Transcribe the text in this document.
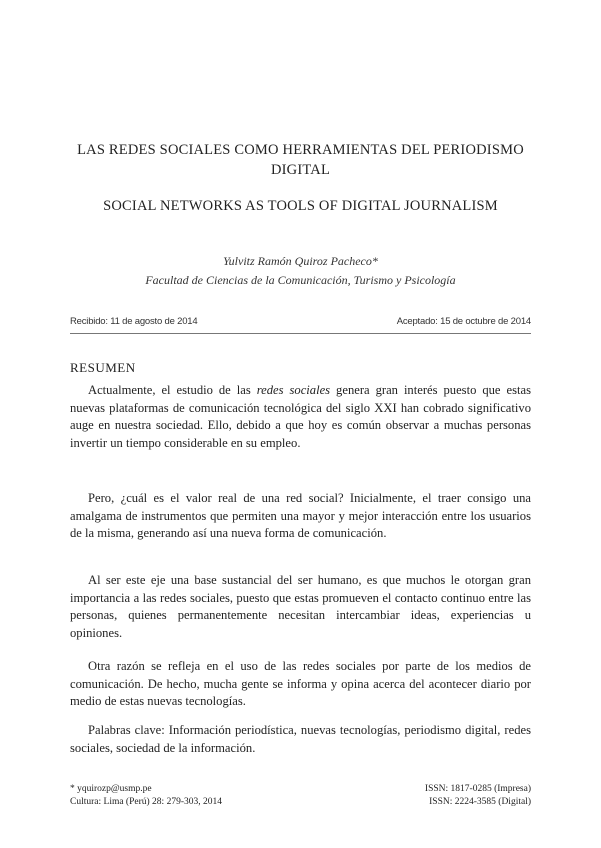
LAS REDES SOCIALES COMO HERRAMIENTAS DEL PERIODISMO DIGITAL
SOCIAL NETWORKS AS TOOLS OF DIGITAL JOURNALISM
Yulvitz Ramón Quiroz Pacheco*
Facultad de Ciencias de la Comunicación, Turismo y Psicología
Recibido: 11 de agosto de 2014	Aceptado: 15 de octubre de 2014
RESUMEN

Actualmente, el estudio de las redes sociales genera gran interés puesto que estas nuevas plataformas de comunicación tecnológica del siglo XXI han cobrado significativo auge en nuestra sociedad. Ello, debido a que hoy es común observar a muchas personas invertir un tiempo considerable en su empleo.

Pero, ¿cuál es el valor real de una red social? Inicialmente, el traer consigo una amalgama de instrumentos que permiten una mayor y mejor interacción entre los usuarios de la misma, generando así una nueva forma de comunicación.

Al ser este eje una base sustancial del ser humano, es que muchos le otorgan gran importancia a las redes sociales, puesto que estas promueven el contacto continuo entre las personas, quienes permanentemente necesitan intercambiar ideas, experiencias u opiniones.

Otra razón se refleja en el uso de las redes sociales por parte de los medios de comunicación. De hecho, mucha gente se informa y opina acerca del acontecer diario por medio de estas nuevas tecnologías.

Palabras clave: Información periodística, nuevas tecnologías, periodismo digital, redes sociales, sociedad de la información.

* yquirozp@usmp.pe
Cultura: Lima (Perú) 28: 279-303, 2014
ISSN: 1817-0285 (Impresa)
ISSN: 2224-3585 (Digital)
